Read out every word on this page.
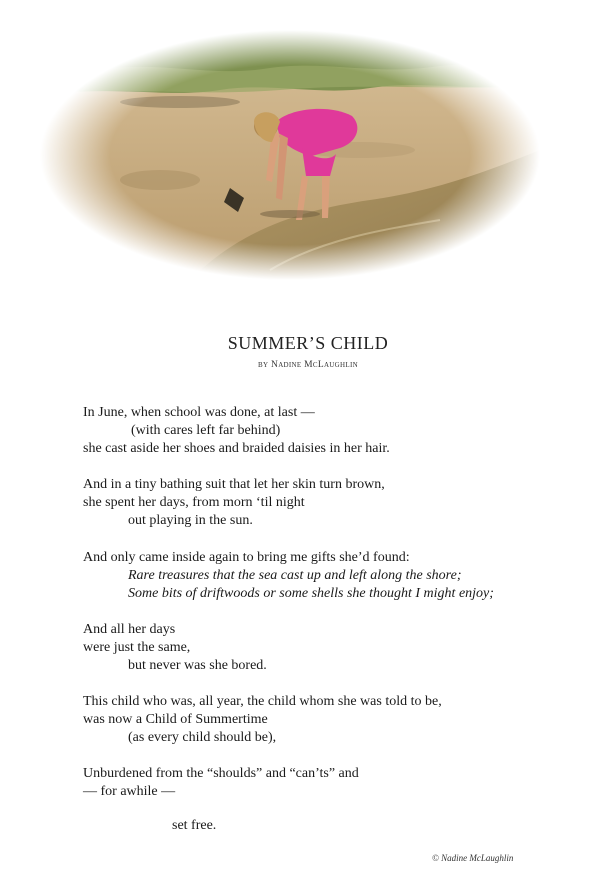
SUMMER’S CHILD
by Nadine McLaughlin
In June, when school was done, at last —
(with cares left far behind)
she cast aside her shoes and braided daisies in her hair.
And in a tiny bathing suit that let her skin turn brown,
she spent her days, from morn ‘til night
out playing in the sun.
And only came inside again to bring me gifts she’d found:
Rare treasures that the sea cast up and left along the shore;
Some bits of driftwoods or some shells she thought I might enjoy;
And all her days
were just the same,
but never was she bored.
This child who was, all year, the child whom she was told to be,
was now a Child of Summertime
(as every child should be),
Unburdened from the “shoulds” and “can’ts” and
— for awhile —
set free.
© Nadine McLaughlin
